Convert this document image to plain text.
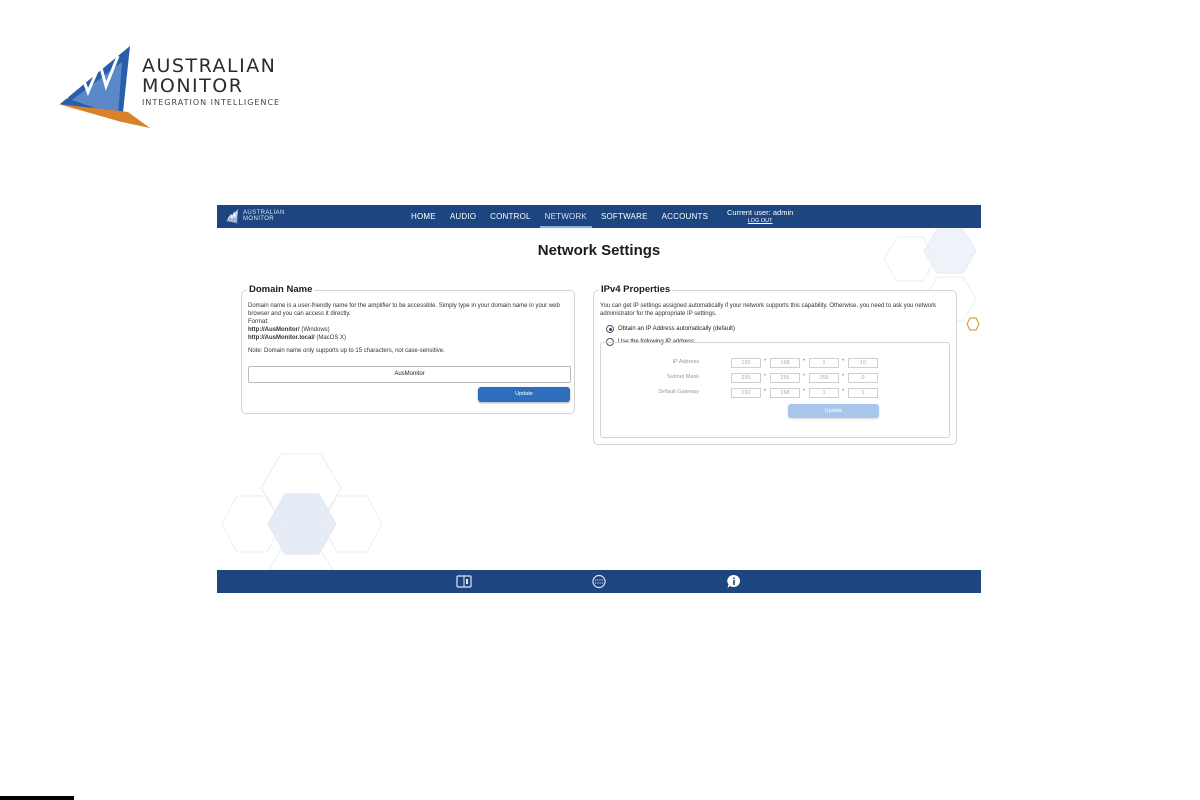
AUSTRALIAN
MONITOR
INTEGRATION INTELLIGENCE
AUSTRALIAN MONITOR	HOME	AUDIO	CONTROL	NETWORK	SOFTWARE	ACCOUNTS	Current user: admin
LOG OUT
Network Settings
Domain Name
Domain name is a user-friendly name for the amplifier to be accessible. Simply type in your domain name in your web browser and you can access it directly.
Format:
http://AusMonitor/ (Windows)
http://AusMonitor.local/ (MacOS X)
Note: Domain name only supports up to 15 characters, not case-sensitive.
AusMonitor
Update
IPv4 Properties
You can get IP settings assigned automatically if your network supports this capability. Otherwise, you need to ask you network administrator for the appropriate IP settings.
Obtain an IP Address automatically (default)
Use the following IP address:
IP Address	192	•	168	•	1	•	10
Subnet Mask	255	•	255	•	255	•	0
Default Gateway	192	•	168	•	1	•	1
Update
